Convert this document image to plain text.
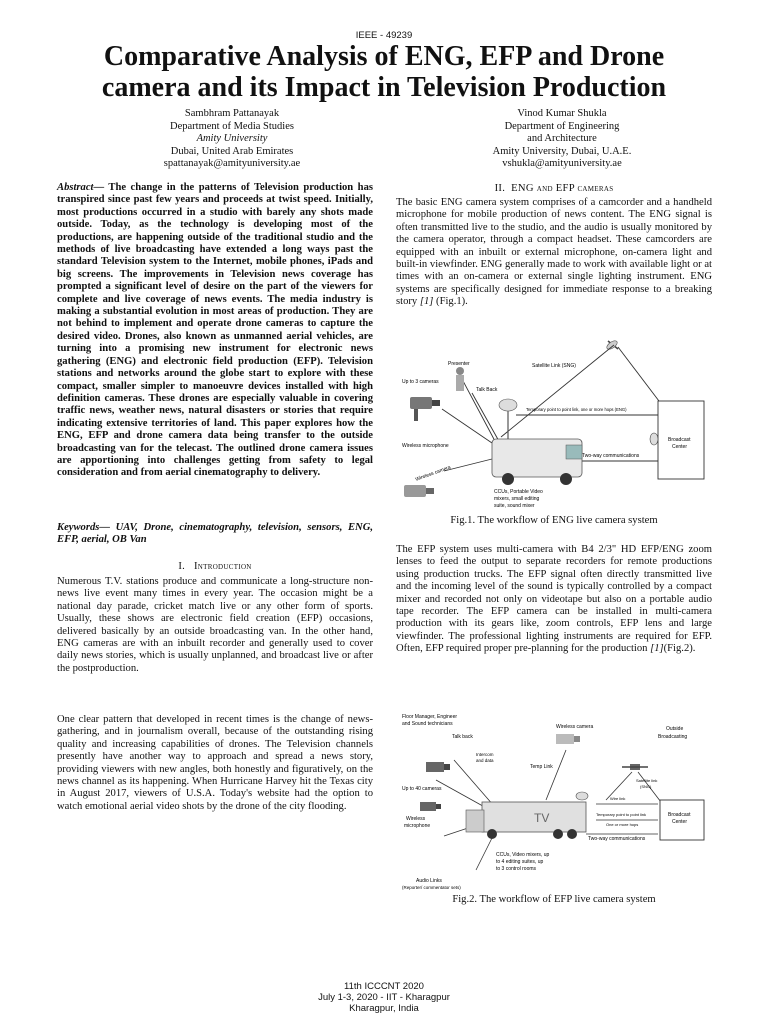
IEEE - 49239
Comparative Analysis of ENG, EFP and Drone
camera and its Impact in Television Production
Sambhram Pattanayak
Department of Media Studies
Amity University
Dubai, United Arab Emirates
spattanayak@amityuniversity.ae
Vinod Kumar Shukla
Department of Engineering
and Architecture
Amity University, Dubai, U.A.E.
vshukla@amityuniversity.ae

Abstract— The change in the patterns of Television production has transpired since past few years and proceeds at twist speed. Initially, most productions occurred in a studio with barely any shots made outside. Today, as the technology is developing most of the productions, are happening outside of the traditional studio and the methods of live broadcasting have extended a long ways past the standard Television system to the Internet, mobile phones, iPads and big screens. The improvements in Television news coverage has prompted a significant level of desire on the part of the viewers for complete and live coverage of news events. The media industry is making a substantial evolution in most areas of production. They are not behind to implement and operate drone cameras to capture the desired video. Drones, also known as unmanned aerial vehicles, are turning into a promising new instrument for electronic news gathering (ENG) and electronic field production (EFP). Television stations and networks around the globe start to explore with these compact, smaller simpler to manoeuvre devices installed with high definition cameras. These drones are especially valuable in covering traffic news, weather news, natural disasters or stories that require indicating extensive territories of land. This paper explores how the ENG, EFP and drone camera data being transfer to the outside broadcasting van for the telecast. The outlined drone camera issues are apportioning into challenges getting from safety to legal consideration and from aerial cinematography to delivery.

Keywords— UAV, Drone, cinematography, television, sensors, ENG, EFP, aerial, OB Van

I. Introduction

Numerous T.V. stations produce and communicate a long-structure non-news live event many times in every year. The occasion might be a national day parade, cricket match live or any other form of sports. Usually, these shows are electronic field creation (EFP) occasions, delivered basically by an outside broadcasting van. In the other hand, ENG cameras are with an inbuilt recorder and generally used to cover daily news stories, which is usually unplanned, and broadcast live or after the postproduction.

One clear pattern that developed in recent times is the change of news-gathering, and in journalism overall, because of the outstanding rising quality and increasing capabilities of drones. The Television channels presently have another way to approach and spread a news story, providing viewers with new angles, both honestly and figuratively, on the news channel as its happening. When Hurricane Harvey hit the Texas city in August 2017, viewers of U.S.A. Today's website had the option to watch emotional aerial video shots by the drone of the city flooding.

II. ENG and EFP cameras

The basic ENG camera system comprises of a camcorder and a handheld microphone for mobile production of news content. The ENG signal is often transmitted live to the studio, and the audio is usually monitored by the camera operator, through a compact headset. These camcorders are equipped with an inbuilt or external microphone, on-camera light and built-in viewfinder. ENG generally made to work with available light or at times with an on-camera or external single lighting instrument. ENG systems are specifically designed for immediate response to a breaking story [1] (Fig.1).

Presenter	Satellite Link (SNG)
Talk Back
Up to 3 cameras
Temporary point to point link, one or more hops (ENG)
Wireless microphone
Broadcast
Center
Two-way communications
Wireless camera
CCUs, Portable Video
mixers, small editing
suite, sound mixer
Fig.1. The workflow of ENG live camera system

The EFP system uses multi-camera with B4 2/3" HD EFP/ENG zoom lenses to feed the output to separate recorders for remote productions using production trucks. The EFP signal often directly transmitted live and the incoming level of the sound is typically controlled by a compact mixer and recorded not only on videotape but also on a portable audio tape recorder. The EFP camera can be installed in multi-camera production with its gears like, zoom controls, EFP lens and large viewfinder. The professional lighting instruments are required for EFP. Often, EFP required proper pre-planning for the production [1](Fig.2).

Floor Manager, Engineer
and Sound technicians	Wireless camera	Outside
Broadcasting
Talk back
Intercom
and data
Temp Link
Up to 40 cameras
Satellite link
(SNG)
Wire link
TV
Wireless
microphone
Temporary point to point link
One or more hops
Broadcast
Center
Two-way communications
CCUs, Video mixers, up
to 4 editing suites, up
to 3 control rooms
Audio Links
(Reporter/ commentator sets)
Fig.2. The workflow of EFP live camera system
11th ICCCNT 2020
July 1-3, 2020 - IIT - Kharagpur
Kharagpur, India
